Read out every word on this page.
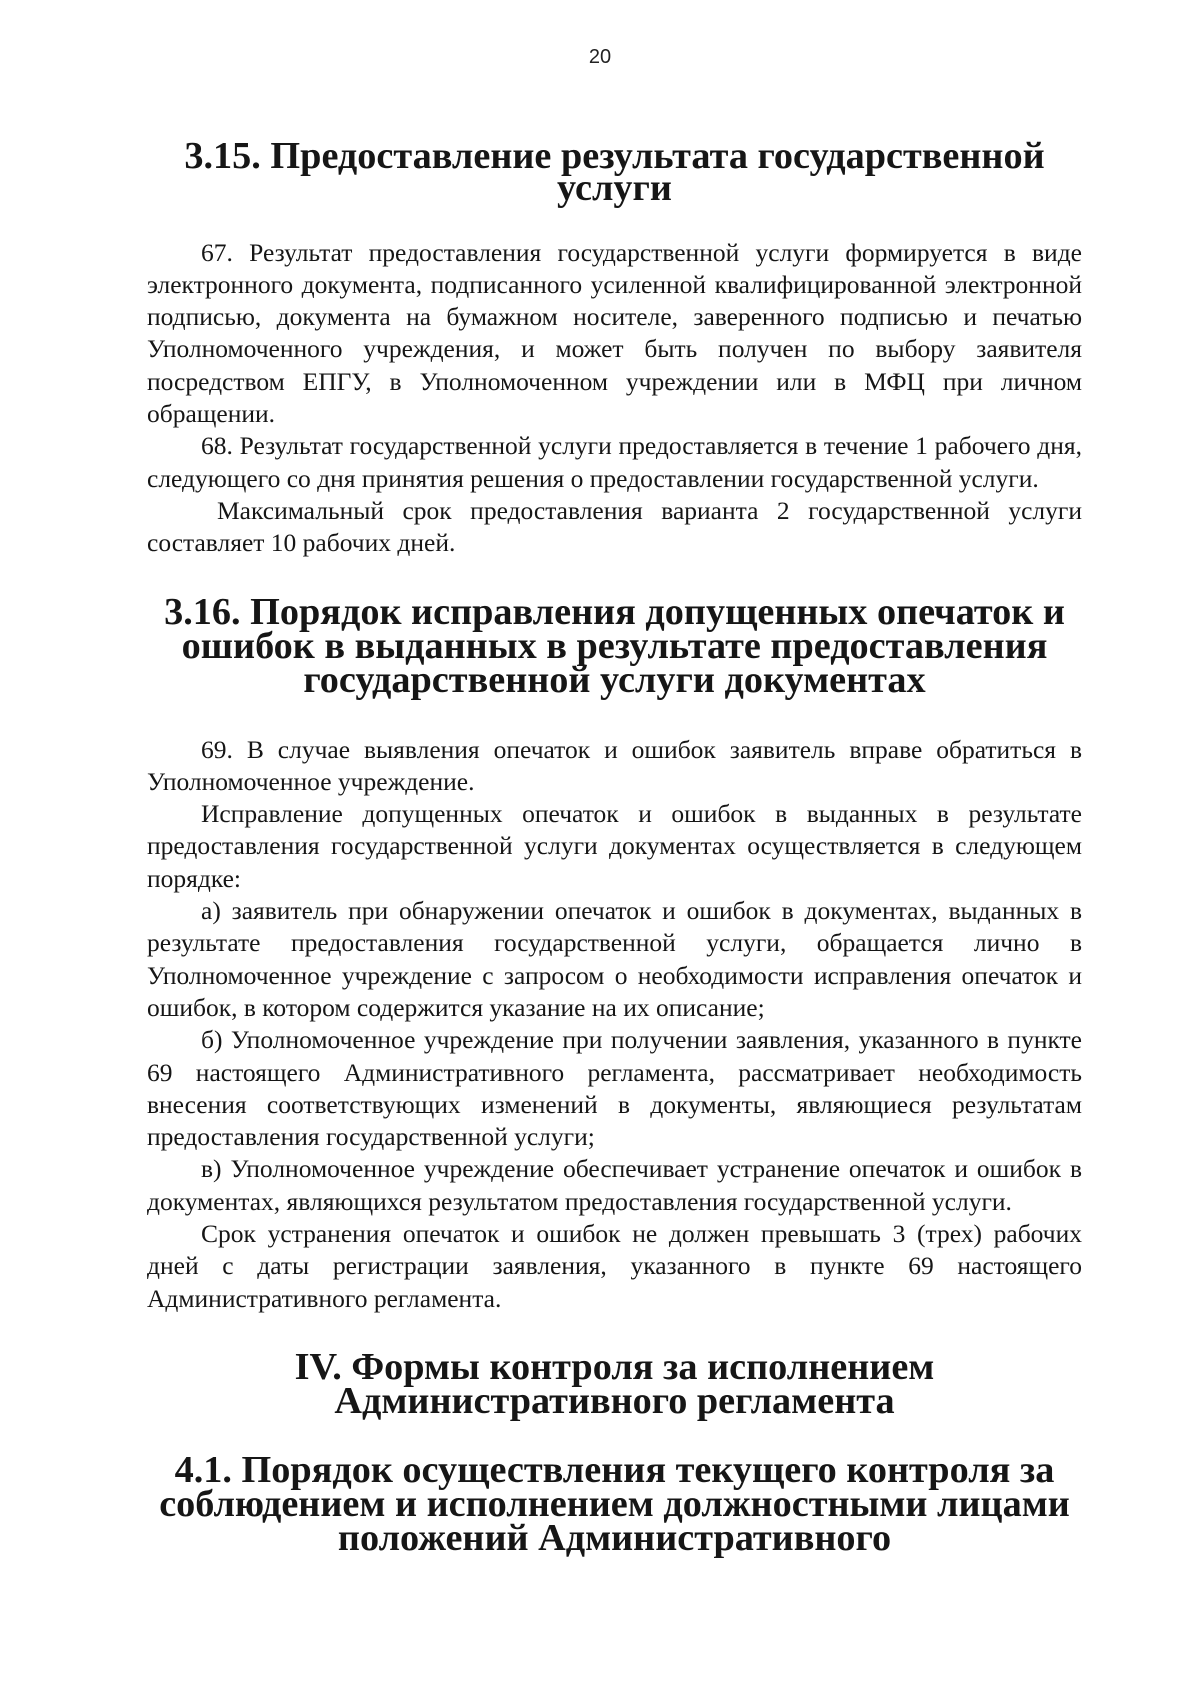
20
3.15. Предоставление результата государственной услуги

67. Результат предоставления государственной услуги формируется в виде электронного документа, подписанного усиленной квалифицированной электронной подписью, документа на бумажном носителе, заверенного подписью и печатью Уполномоченного учреждения, и может быть получен по выбору заявителя посредством ЕПГУ, в Уполномоченном учреждении или в МФЦ при личном обращении.

68. Результат государственной услуги предоставляется в течение 1 рабочего дня, следующего со дня принятия решения о предоставлении государственной услуги.

Максимальный срок предоставления варианта 2 государственной услуги составляет 10 рабочих дней.

3.16. Порядок исправления допущенных опечаток и ошибок в выданных в результате предоставления государственной услуги документах

69. В случае выявления опечаток и ошибок заявитель вправе обратиться в Уполномоченное учреждение.

Исправление допущенных опечаток и ошибок в выданных в результате предоставления государственной услуги документах осуществляется в следующем порядке:

а) заявитель при обнаружении опечаток и ошибок в документах, выданных в результате предоставления государственной услуги, обращается лично в Уполномоченное учреждение с запросом о необходимости исправления опечаток и ошибок, в котором содержится указание на их описание;

б) Уполномоченное учреждение при получении заявления, указанного в пункте 69 настоящего Административного регламента, рассматривает необходимость внесения соответствующих изменений в документы, являющиеся результатам предоставления государственной услуги;

в) Уполномоченное учреждение обеспечивает устранение опечаток и ошибок в документах, являющихся результатом предоставления государственной услуги.

Срок устранения опечаток и ошибок не должен превышать 3 (трех) рабочих дней с даты регистрации заявления, указанного в пункте 69 настоящего Административного регламента.

IV. Формы контроля за исполнением Административного регламента
4.1. Порядок осуществления текущего контроля за соблюдением и исполнением должностными лицами положений Административного
